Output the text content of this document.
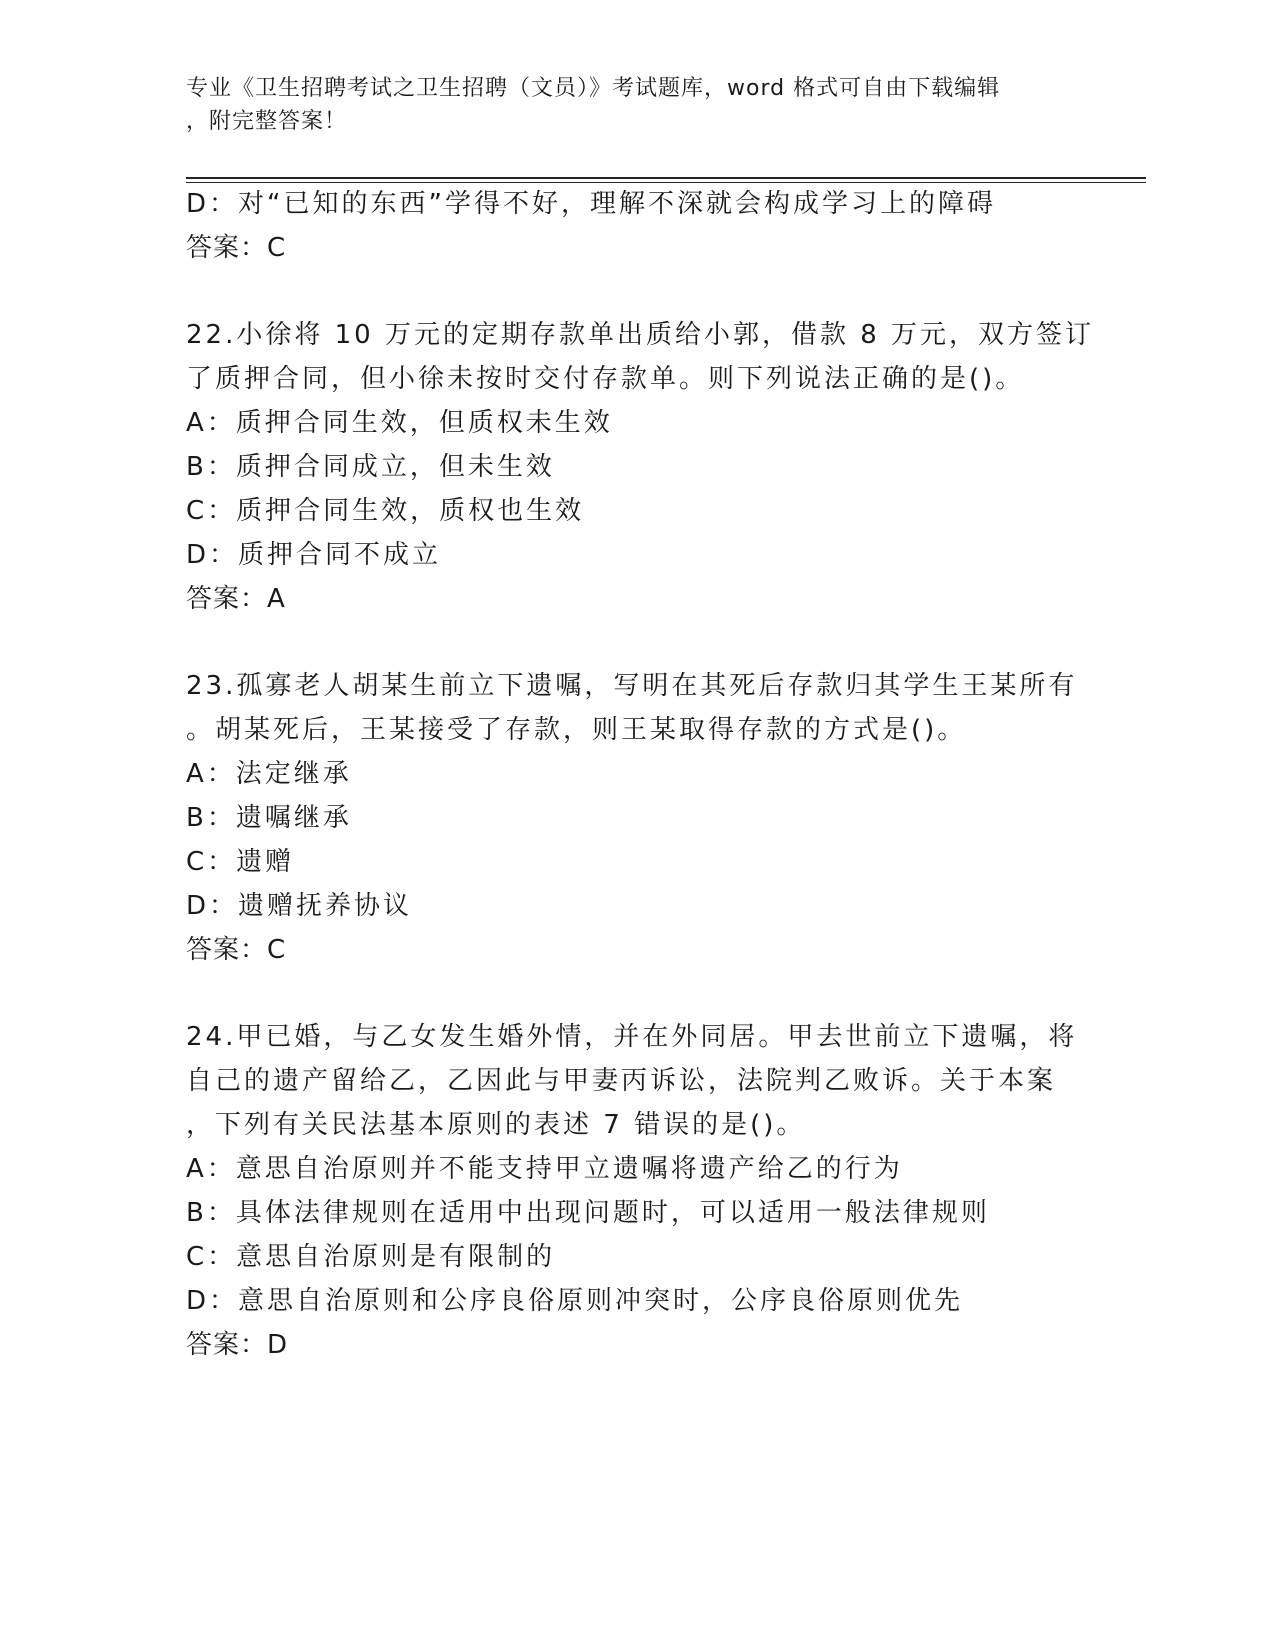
专业《卫生招聘考试之卫生招聘（文员）》考试题库，word 格式可自由下载编辑
，附完整答案！
D：对“已知的东西”学得不好，理解不深就会构成学习上的障碍
答案：C
22.小徐将 10 万元的定期存款单出质给小郭，借款 8 万元，双方签订
了质押合同，但小徐未按时交付存款单。则下列说法正确的是()。
A：质押合同生效，但质权未生效
B：质押合同成立，但未生效
C：质押合同生效，质权也生效
D：质押合同不成立
答案：A
23.孤寡老人胡某生前立下遗嘱，写明在其死后存款归其学生王某所有
。胡某死后，王某接受了存款，则王某取得存款的方式是()。
A：法定继承
B：遗嘱继承
C：遗赠
D：遗赠抚养协议
答案：C
24.甲已婚，与乙女发生婚外情，并在外同居。甲去世前立下遗嘱，将
自己的遗产留给乙，乙因此与甲妻丙诉讼，法院判乙败诉。关于本案
，下列有关民法基本原则的表述 7 错误的是()。
A：意思自治原则并不能支持甲立遗嘱将遗产给乙的行为
B：具体法律规则在适用中出现问题时，可以适用一般法律规则
C：意思自治原则是有限制的
D：意思自治原则和公序良俗原则冲突时，公序良俗原则优先
答案：D
